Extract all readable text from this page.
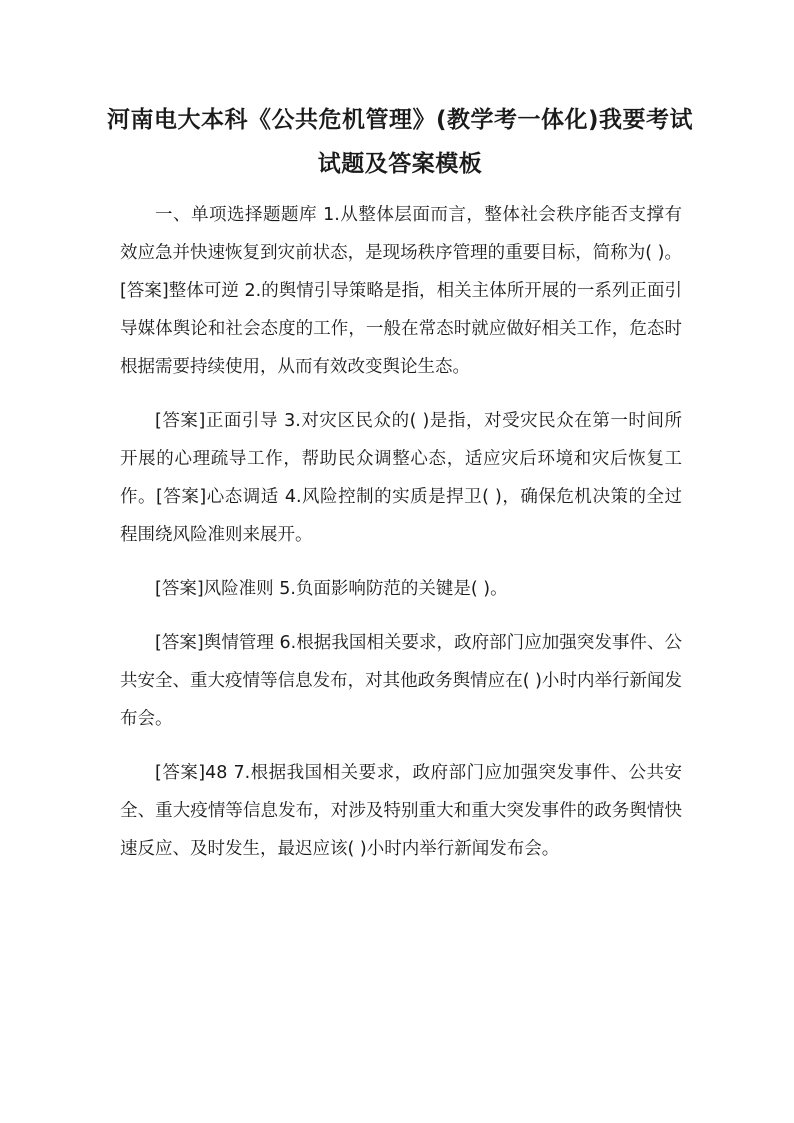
河南电大本科《公共危机管理》(教学考一体化)我要考试试题及答案模板

一、单项选择题题库 1.从整体层面而言，整体社会秩序能否支撑有效应急并快速恢复到灾前状态，是现场秩序管理的重要目标，简称为( )。[答案]整体可逆 2.的舆情引导策略是指，相关主体所开展的一系列正面引导媒体舆论和社会态度的工作，一般在常态时就应做好相关工作，危态时根据需要持续使用，从而有效改变舆论生态。

[答案]正面引导 3.对灾区民众的( )是指，对受灾民众在第一时间所开展的心理疏导工作，帮助民众调整心态，适应灾后环境和灾后恢复工作。[答案]心态调适 4.风险控制的实质是捍卫( )，确保危机决策的全过程围绕风险准则来展开。

[答案]风险准则 5.负面影响防范的关键是( )。

[答案]舆情管理 6.根据我国相关要求，政府部门应加强突发事件、公共安全、重大疫情等信息发布，对其他政务舆情应在( )小时内举行新闻发布会。

[答案]48 7.根据我国相关要求，政府部门应加强突发事件、公共安全、重大疫情等信息发布，对涉及特别重大和重大突发事件的政务舆情快速反应、及时发生，最迟应该( )小时内举行新闻发布会。
